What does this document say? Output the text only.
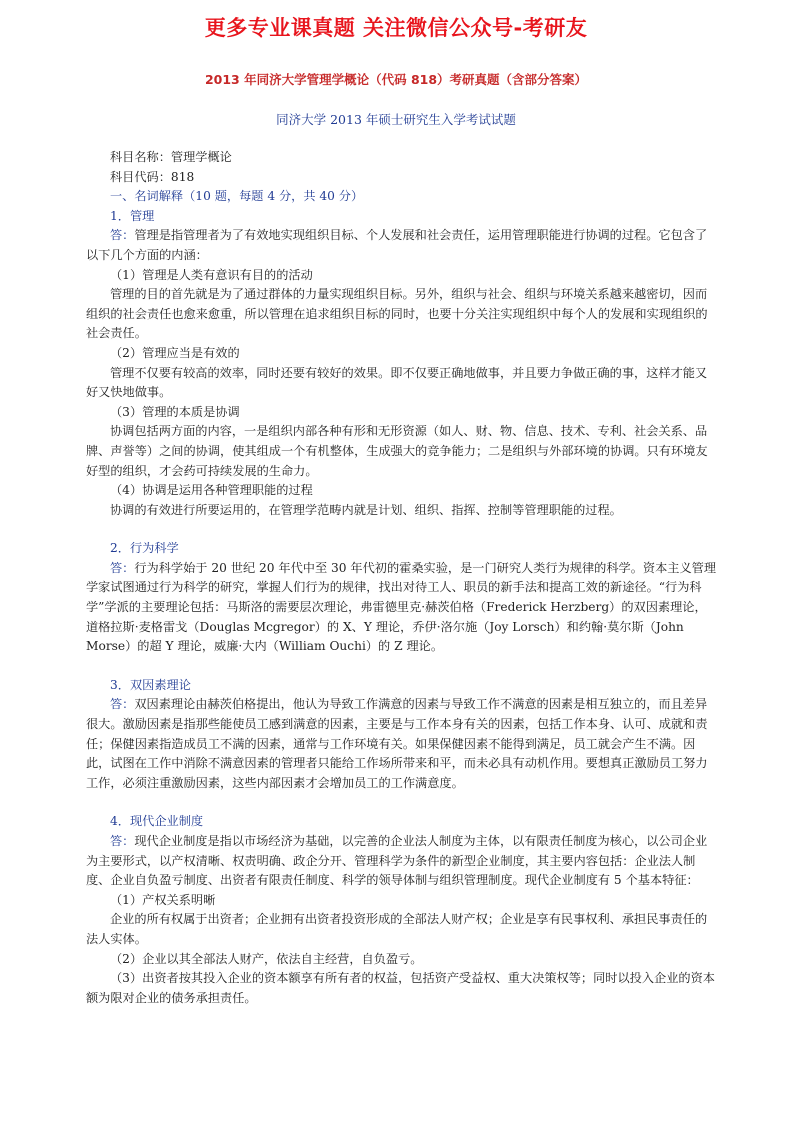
更多专业课真题 关注微信公众号-考研友
2013 年同济大学管理学概论（代码 818）考研真题（含部分答案）
同济大学 2013 年硕士研究生入学考试试题

科目名称：管理学概论

科目代码：818

一、名词解释（10 题，每题 4 分，共 40 分）

1．管理

答：管理是指管理者为了有效地实现组织目标、个人发展和社会责任，运用管理职能进行协调的过程。它包含了以下几个方面的内涵：

（1）管理是人类有意识有目的的活动

管理的目的首先就是为了通过群体的力量实现组织目标。另外，组织与社会、组织与环境关系越来越密切，因而组织的社会责任也愈来愈重，所以管理在追求组织目标的同时，也要十分关注实现组织中每个人的发展和实现组织的社会责任。

（2）管理应当是有效的

管理不仅要有较高的效率，同时还要有较好的效果。即不仅要正确地做事，并且要力争做正确的事，这样才能又好又快地做事。

（3）管理的本质是协调

协调包括两方面的内容，一是组织内部各种有形和无形资源（如人、财、物、信息、技术、专利、社会关系、品牌、声誉等）之间的协调，使其组成一个有机整体，生成强大的竞争能力；二是组织与外部环境的协调。只有环境友好型的组织，才会药可持续发展的生命力。

（4）协调是运用各种管理职能的过程

协调的有效进行所要运用的，在管理学范畴内就是计划、组织、指挥、控制等管理职能的过程。

2．行为科学

答：行为科学始于 20 世纪 20 年代中至 30 年代初的霍桑实验，是一门研究人类行为规律的科学。资本主义管理学家试图通过行为科学的研究，掌握人们行为的规律，找出对待工人、职员的新手法和提高工效的新途径。“行为科学”学派的主要理论包括：马斯洛的需要层次理论，弗雷德里克·赫茨伯格（Frederick Herzberg）的双因素理论，道格拉斯·麦格雷戈（Douglas Mcgregor）的 X、Y 理论，乔伊·洛尔施（Joy Lorsch）和约翰·莫尔斯（John Morse）的超 Y 理论，威廉·大内（William Ouchi）的 Z 理论。

3．双因素理论

答：双因素理论由赫茨伯格提出，他认为导致工作满意的因素与导致工作不满意的因素是相互独立的，而且差异很大。激励因素是指那些能使员工感到满意的因素，主要是与工作本身有关的因素，包括工作本身、认可、成就和责任；保健因素指造成员工不满的因素，通常与工作环境有关。如果保健因素不能得到满足，员工就会产生不满。因此，试图在工作中消除不满意因素的管理者只能给工作场所带来和平，而未必具有动机作用。要想真正激励员工努力工作，必须注重激励因素，这些内部因素才会增加员工的工作满意度。

4．现代企业制度

答：现代企业制度是指以市场经济为基础，以完善的企业法人制度为主体，以有限责任制度为核心，以公司企业为主要形式，以产权清晰、权责明确、政企分开、管理科学为条件的新型企业制度，其主要内容包括：企业法人制度、企业自负盈亏制度、出资者有限责任制度、科学的领导体制与组织管理制度。现代企业制度有 5 个基本特征：

（1）产权关系明晰

企业的所有权属于出资者；企业拥有出资者投资形成的全部法人财产权；企业是享有民事权利、承担民事责任的法人实体。

（2）企业以其全部法人财产，依法自主经营，自负盈亏。

（3）出资者按其投入企业的资本额享有所有者的权益，包括资产受益权、重大决策权等；同时以投入企业的资本额为限对企业的债务承担责任。
